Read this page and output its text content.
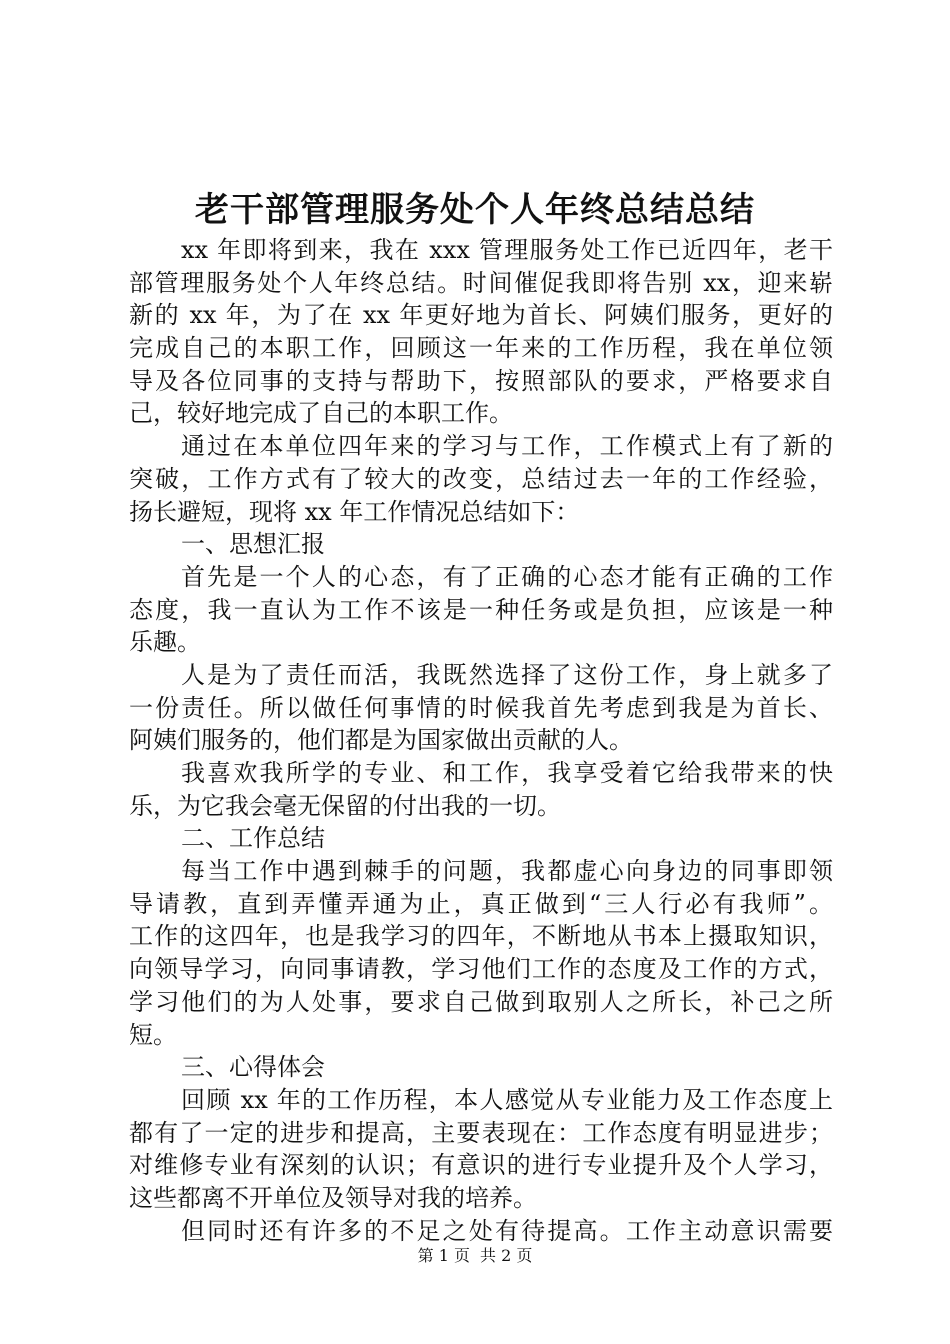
老干部管理服务处个人年终总结总结
xx 年即将到来，我在 xxx 管理服务处工作已近四年，老干
部管理服务处个人年终总结。时间催促我即将告别 xx，迎来崭
新的 xx 年，为了在 xx 年更好地为首长、阿姨们服务，更好的
完成自己的本职工作，回顾这一年来的工作历程，我在单位领
导及各位同事的支持与帮助下，按照部队的要求，严格要求自
己，较好地完成了自己的本职工作。
通过在本单位四年来的学习与工作，工作模式上有了新的
突破，工作方式有了较大的改变，总结过去一年的工作经验，
扬长避短，现将 xx 年工作情况总结如下：
一、思想汇报
首先是一个人的心态，有了正确的心态才能有正确的工作
态度，我一直认为工作不该是一种任务或是负担，应该是一种
乐趣。
人是为了责任而活，我既然选择了这份工作，身上就多了
一份责任。所以做任何事情的时候我首先考虑到我是为首长、
阿姨们服务的，他们都是为国家做出贡献的人。
我喜欢我所学的专业、和工作，我享受着它给我带来的快
乐，为它我会毫无保留的付出我的一切。
二、工作总结
每当工作中遇到棘手的问题，我都虚心向身边的同事即领
导请教，直到弄懂弄通为止，真正做到“三人行必有我师”。
工作的这四年，也是我学习的四年，不断地从书本上摄取知识，
向领导学习，向同事请教，学习他们工作的态度及工作的方式，
学习他们的为人处事，要求自己做到取别人之所长，补己之所
短。
三、心得体会
回顾 xx 年的工作历程，本人感觉从专业能力及工作态度上
都有了一定的进步和提高，主要表现在：工作态度有明显进步；
对维修专业有深刻的认识；有意识的进行专业提升及个人学习，
这些都离不开单位及领导对我的培养。
但同时还有许多的不足之处有待提高。工作主动意识需要
第 1 页 共 2 页
